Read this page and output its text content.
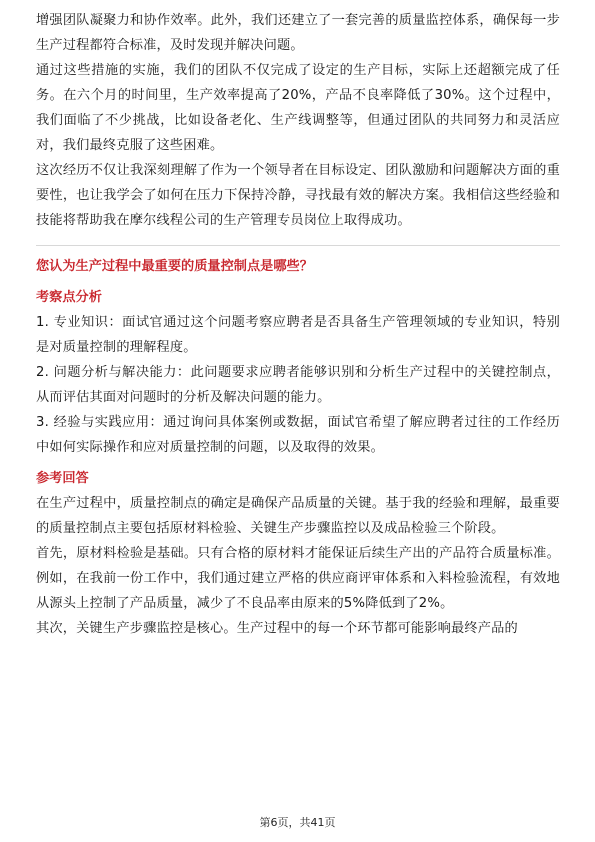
增强团队凝聚力和协作效率。此外，我们还建立了一套完善的质量监控体系，确保每一步生产过程都符合标准，及时发现并解决问题。

通过这些措施的实施，我们的团队不仅完成了设定的生产目标，实际上还超额完成了任务。在六个月的时间里，生产效率提高了20%，产品不良率降低了30%。这个过程中，我们面临了不少挑战，比如设备老化、生产线调整等，但通过团队的共同努力和灵活应对，我们最终克服了这些困难。

这次经历不仅让我深刻理解了作为一个领导者在目标设定、团队激励和问题解决方面的重要性，也让我学会了如何在压力下保持冷静，寻找最有效的解决方案。我相信这些经验和技能将帮助我在摩尔线程公司的生产管理专员岗位上取得成功。

您认为生产过程中最重要的质量控制点是哪些？

考察点分析

1. 专业知识：面试官通过这个问题考察应聘者是否具备生产管理领域的专业知识，特别是对质量控制的理解程度。

2. 问题分析与解决能力：此问题要求应聘者能够识别和分析生产过程中的关键控制点，从而评估其面对问题时的分析及解决问题的能力。

3. 经验与实践应用：通过询问具体案例或数据，面试官希望了解应聘者过往的工作经历中如何实际操作和应对质量控制的问题，以及取得的效果。

参考回答

在生产过程中，质量控制点的确定是确保产品质量的关键。基于我的经验和理解，最重要的质量控制点主要包括原材料检验、关键生产步骤监控以及成品检验三个阶段。

首先，原材料检验是基础。只有合格的原材料才能保证后续生产出的产品符合质量标准。例如，在我前一份工作中，我们通过建立严格的供应商评审体系和入料检验流程，有效地从源头上控制了产品质量，减少了不良品率由原来的5%降低到了2%。

其次，关键生产步骤监控是核心。生产过程中的每一个环节都可能影响最终产品的

第6页，共41页
